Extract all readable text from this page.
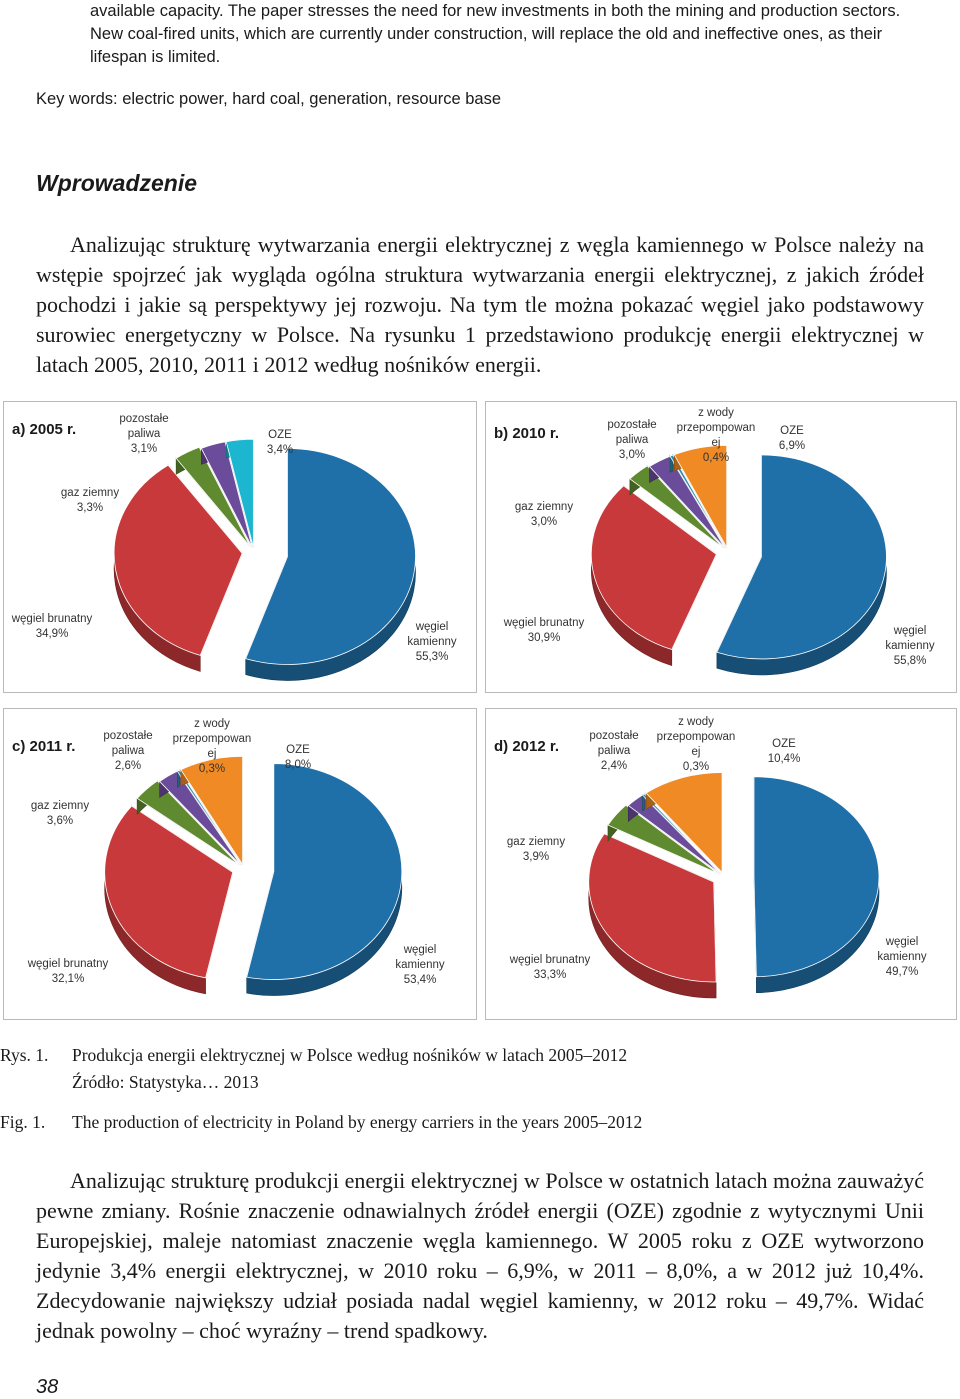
available capacity. The paper stresses the need for new investments in both the mining and production sectors.

New coal-fired units, which are currently under construction, will replace the old and ineffective ones, as their

lifespan is limited.

Key words: electric power, hard coal, generation, resource base
Wprowadzenie

Analizując strukturę wytwarzania energii elektrycznej z węgla kamiennego w Polsce należy na wstępie spojrzeć jak wygląda ogólna struktura wytwarzania energii elektrycznej, z jakich źródeł pochodzi i jakie są perspektywy jej rozwoju. Na tym tle można pokazać węgiel jako podstawowy surowiec energetyczny w Polsce. Na rysunku 1 przedstawiono produkcję energii elektrycznej w latach 2005, 2010, 2011 i 2012 według nośników energii.

a) 2005 r.
węgiel
kamienny
55,3%
węgiel brunatny
34,9%
gaz ziemny
3,3%
pozostałe
paliwa
3,1%
OZE
3,4%
b) 2010 r.
węgiel
kamienny
55,8%
węgiel brunatny
30,9%
gaz ziemny
3,0%
pozostałe
paliwa
3,0%
z wody
przepompowan
ej
0,4%
OZE
6,9%
c) 2011 r.
węgiel
kamienny
53,4%
węgiel brunatny
32,1%
gaz ziemny
3,6%
pozostałe
paliwa
2,6%
z wody
przepompowan
ej
0,3%
OZE
8,0%
d) 2012 r.
węgiel
kamienny
49,7%
węgiel brunatny
33,3%
gaz ziemny
3,9%
pozostałe
paliwa
2,4%
z wody
przepompowan
ej
0,3%
OZE
10,4%
Rys. 1. Produkcja energii elektrycznej w Polsce według nośników w latach 2005–2012
Źródło: Statystyka… 2013
Fig. 1. The production of electricity in Poland by energy carriers in the years 2005–2012

Analizując strukturę produkcji energii elektrycznej w Polsce w ostatnich latach można zauważyć pewne zmiany. Rośnie znaczenie odnawialnych źródeł energii (OZE) zgodnie z wytycznymi Unii Europejskiej, maleje natomiast znaczenie węgla kamiennego. W 2005 roku z OZE wytworzono jedynie 3,4% energii elektrycznej, w 2010 roku – 6,9%, w 2011 – 8,0%, a w 2012 już 10,4%. Zdecydowanie największy udział posiada nadal węgiel kamienny, w 2012 roku – 49,7%. Widać jednak powolny – choć wyraźny – trend spadkowy.

38
